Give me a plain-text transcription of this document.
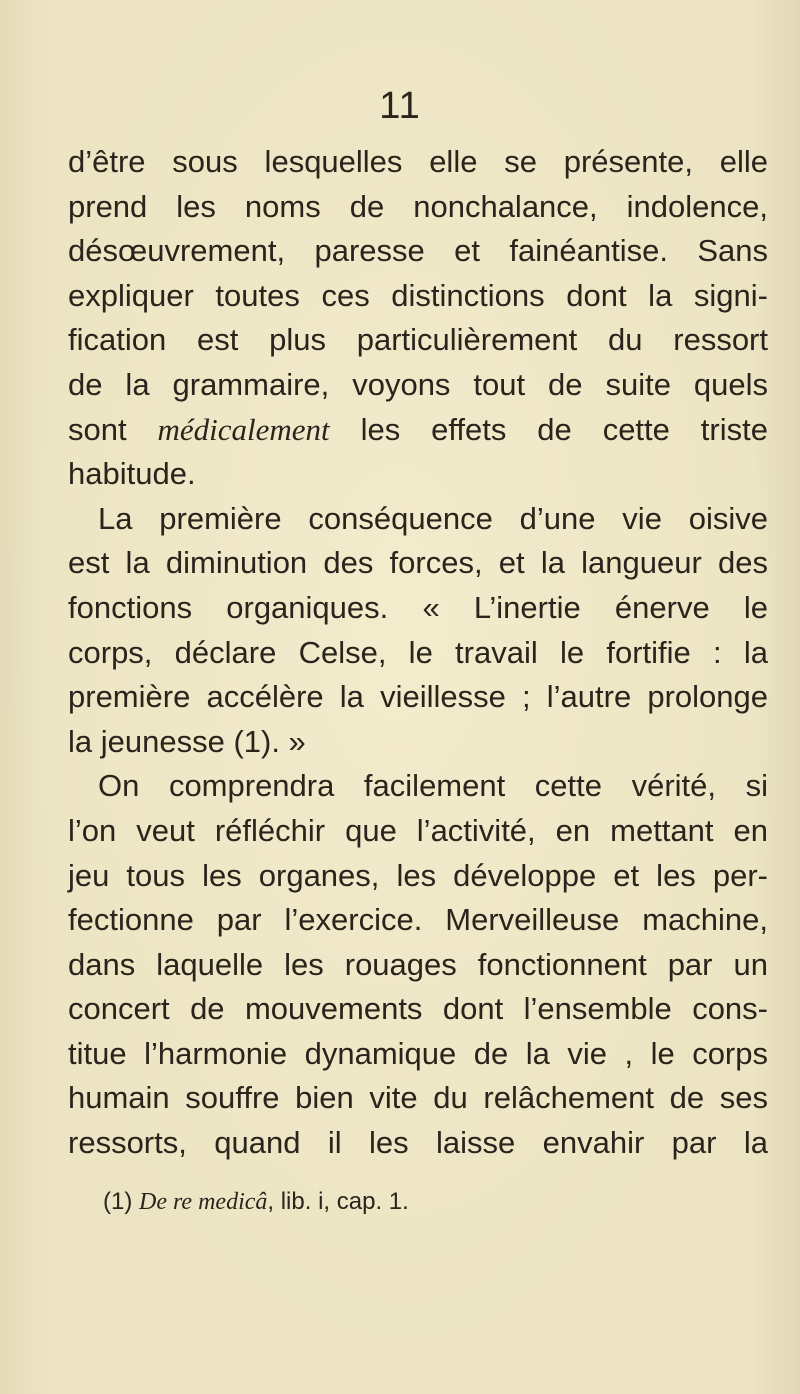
11
d’être sous lesquelles elle se présente, elle
prend les noms de nonchalance, indolence,
désœuvrement, paresse et fainéantise. Sans
expliquer toutes ces distinctions dont la signi-
fication est plus particulièrement du ressort
de la grammaire, voyons tout de suite quels
sont médicalement les effets de cette triste
habitude.
La première conséquence d’une vie oisive
est la diminution des forces, et la langueur des
fonctions organiques. « L’inertie énerve le
corps, déclare Celse, le travail le fortifie : la
première accélère la vieillesse ; l’autre prolonge
la jeunesse (1). »
On comprendra facilement cette vérité, si
l’on veut réfléchir que l’activité, en mettant en
jeu tous les organes, les développe et les per-
fectionne par l’exercice. Merveilleuse machine,
dans laquelle les rouages fonctionnent par un
concert de mouvements dont l’ensemble cons-
titue l’harmonie dynamique de la vie , le corps
humain souffre bien vite du relâchement de ses
ressorts, quand il les laisse envahir par la
(1) De re medicâ, lib. i, cap. 1.
